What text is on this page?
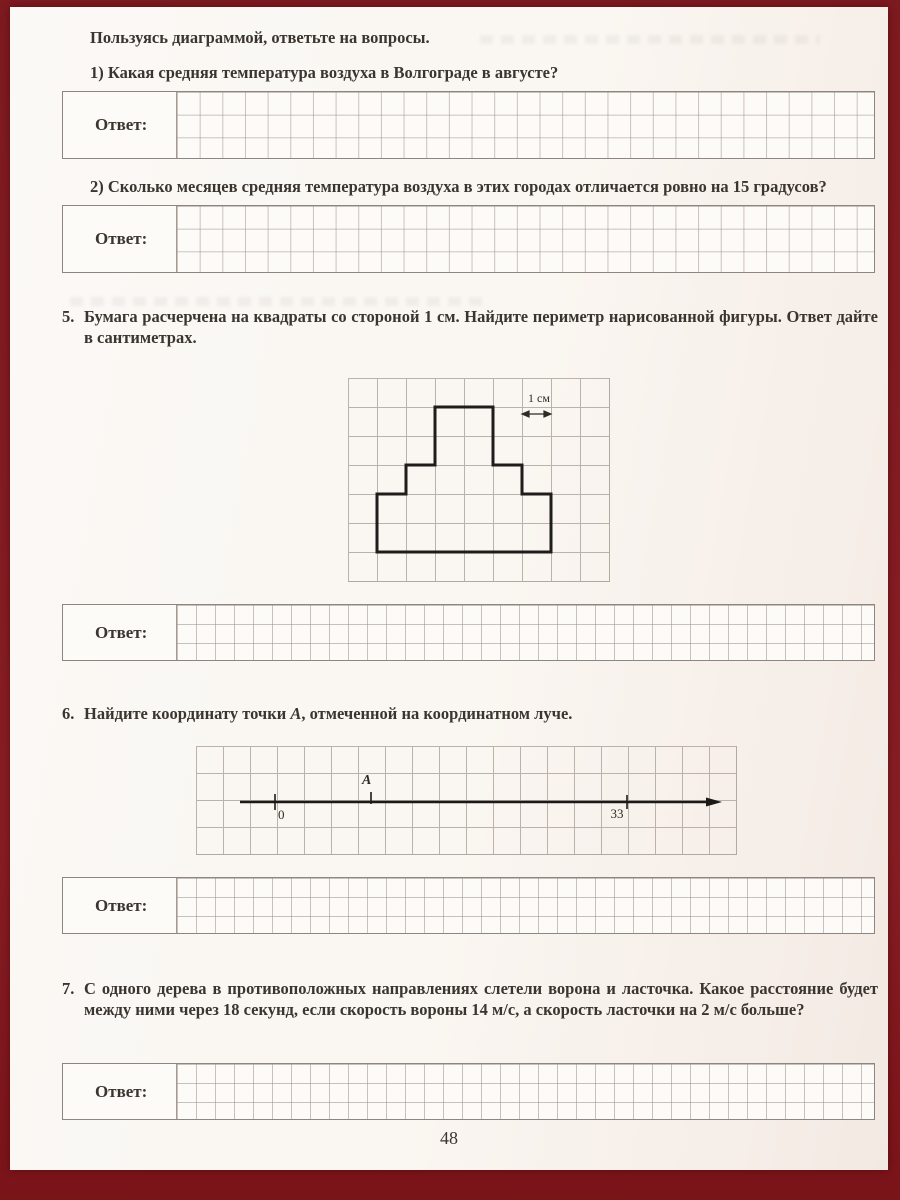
Пользуясь диаграммой, ответьте на вопросы.
1) Какая средняя температура воздуха в Волгограде в августе?
Ответ:
2) Сколько месяцев средняя температура воздуха в этих городах отличается ровно на 15 градусов?
Ответ:
5. Бумага расчерчена на квадраты со стороной 1 см. Найдите периметр нарисованной фигуры. Ответ дайте в сантиметрах.
1 см
Ответ:
6. Найдите координату точки A, отмеченной на координатном луче.
0
A
33
Ответ:
7. С одного дерева в противоположных направлениях слетели ворона и ласточка. Какое расстояние будет между ними через 18 секунд, если скорость вороны 14 м/с, а скорость ласточки на 2 м/с больше?
Ответ:
48
